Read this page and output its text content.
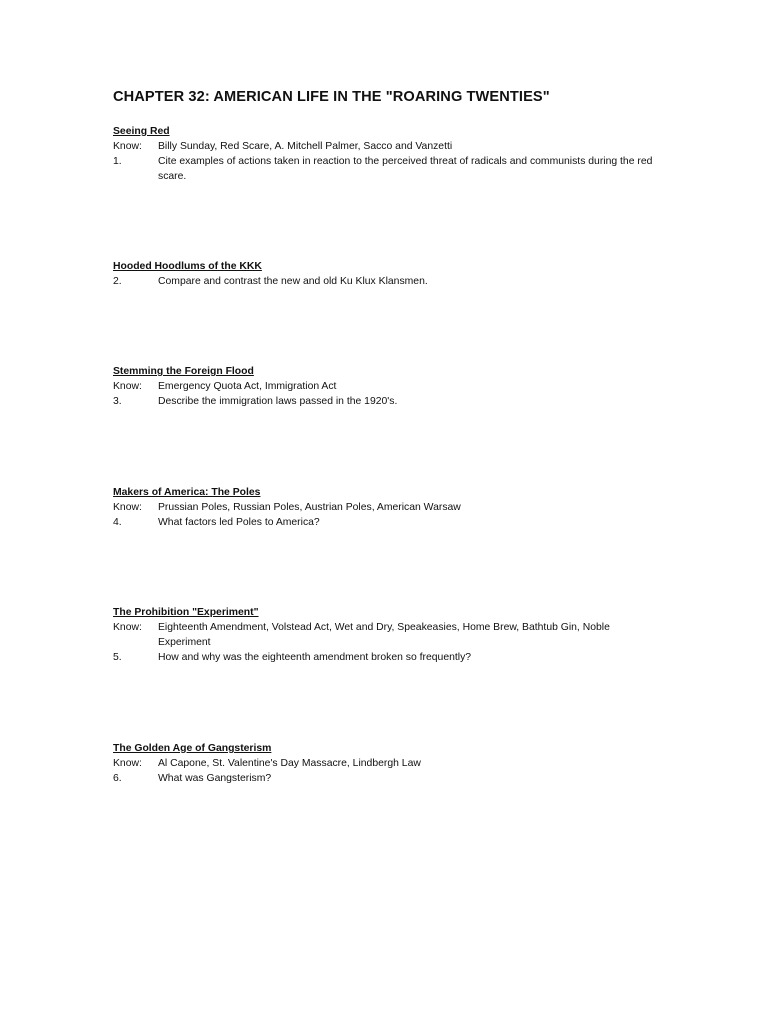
CHAPTER 32: AMERICAN LIFE IN THE "ROARING TWENTIES"
Seeing Red
Know:	Billy Sunday, Red Scare, A. Mitchell Palmer, Sacco and Vanzetti
1.	Cite examples of actions taken in reaction to the perceived threat of radicals and communists during the red scare.
Hooded Hoodlums of the KKK
2.	Compare and contrast the new and old Ku Klux Klansmen.
Stemming the Foreign Flood
Know:	Emergency Quota Act, Immigration Act
3.	Describe the immigration laws passed in the 1920's.
Makers of America: The Poles
Know:	Prussian Poles, Russian Poles, Austrian Poles, American Warsaw
4.	What factors led Poles to America?
The Prohibition "Experiment"
Know:	Eighteenth Amendment, Volstead Act, Wet and Dry, Speakeasies, Home Brew, Bathtub Gin, Noble Experiment
5.	How and why was the eighteenth amendment broken so frequently?
The Golden Age of Gangsterism
Know:	Al Capone, St. Valentine's Day Massacre, Lindbergh Law
6.	What was Gangsterism?
